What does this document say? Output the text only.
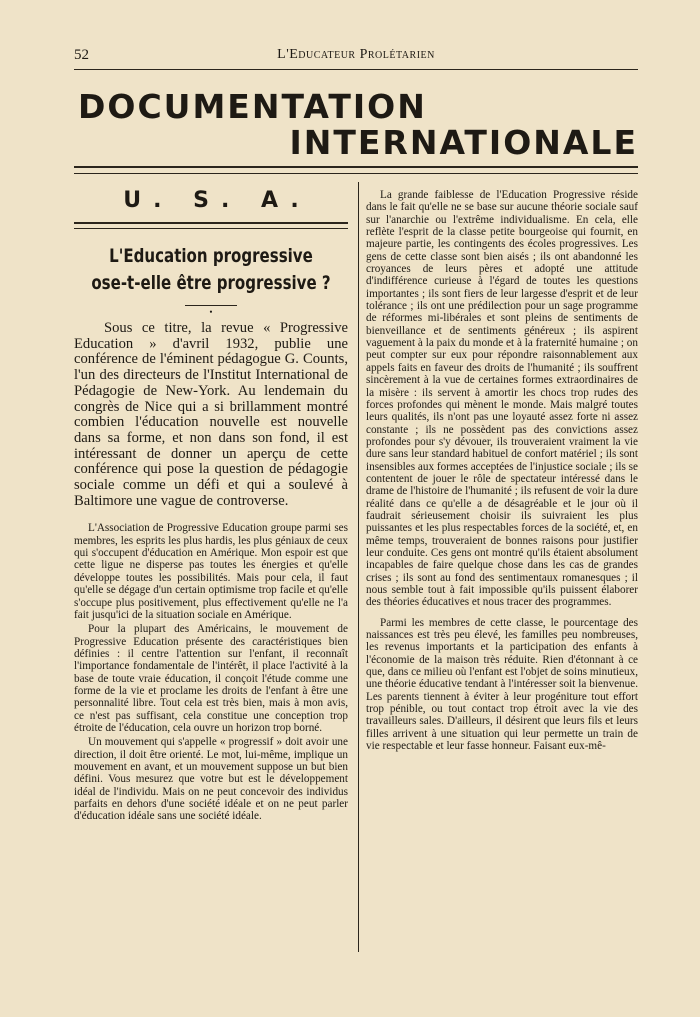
52	L'Educateur Prolétarien
DOCUMENTATION
INTERNATIONALE
U. S. A.
L'Education progressive ose-t-elle être progressive ?
•

Sous ce titre, la revue « Progressive Education » d'avril 1932, publie une conférence de l'éminent pédagogue G. Counts, l'un des directeurs de l'Institut International de Pédagogie de New-York. Au lendemain du congrès de Nice qui a si brillamment montré combien l'éducation nouvelle est nouvelle dans sa forme, et non dans son fond, il est intéressant de donner un aperçu de cette conférence qui pose la question de pédagogie sociale comme un défi et qui a soulevé à Baltimore une vague de controverse.

L'Association de Progressive Education groupe parmi ses membres, les esprits les plus hardis, les plus géniaux de ceux qui s'occupent d'éducation en Amérique. Mon espoir est que cette ligue ne disperse pas toutes les énergies et qu'elle développe toutes les possibilités. Mais pour cela, il faut qu'elle se dégage d'un certain optimisme trop facile et qu'elle s'occupe plus positivement, plus effectivement qu'elle ne l'a fait jusqu'ici de la situation sociale en Amérique.

Pour la plupart des Américains, le mouvement de Progressive Education présente des caractéristiques bien définies : il centre l'attention sur l'enfant, il reconnaît l'importance fondamentale de l'intérêt, il place l'activité à la base de toute vraie éducation, il conçoit l'étude comme une forme de la vie et proclame les droits de l'enfant à être une personnalité libre. Tout cela est très bien, mais à mon avis, ce n'est pas suffisant, cela constitue une conception trop étroite de l'éducation, cela ouvre un horizon trop borné.

Un mouvement qui s'appelle « progressif » doit avoir une direction, il doit être orienté. Le mot, lui-même, implique un mouvement en avant, et un mouvement suppose un but bien défini. Vous mesurez que votre but est le développement idéal de l'individu. Mais on ne peut concevoir des individus parfaits en dehors d'une société idéale et on ne peut parler d'éducation idéale sans une société idéale.

La grande faiblesse de l'Education Progressive réside dans le fait qu'elle ne se base sur aucune théorie sociale sauf sur l'anarchie ou l'extrême individualisme. En cela, elle reflète l'esprit de la classe petite bourgeoise qui fournit, en majeure partie, les contingents des écoles progressives. Les gens de cette classe sont bien aisés ; ils ont abandonné les croyances de leurs pères et adopté une attitude d'indifférence curieuse à l'égard de toutes les questions importantes ; ils sont fiers de leur largesse d'esprit et de leur tolérance ; ils ont une prédilection pour un sage programme de réformes mi-libérales et sont pleins de sentiments de bienveillance et de sentiments généreux ; ils aspirent vaguement à la paix du monde et à la fraternité humaine ; on peut compter sur eux pour répondre raisonnablement aux appels faits en faveur des droits de l'humanité ; ils souffrent sincèrement à la vue de certaines formes extraordinaires de la misère : ils servent à amortir les chocs trop rudes des forces profondes qui mènent le monde. Mais malgré toutes leurs qualités, ils n'ont pas une loyauté assez forte ni assez constante ; ils ne possèdent pas des convictions assez profondes pour s'y dévouer, ils trouveraient vraiment la vie dure sans leur standard habituel de confort matériel ; ils sont insensibles aux formes acceptées de l'injustice sociale ; ils se contentent de jouer le rôle de spectateur intéressé dans le drame de l'histoire de l'humanité ; ils refusent de voir la dure réalité dans ce qu'elle a de désagréable et le jour où il faudrait sérieusement choisir ils suivraient les plus puissantes et les plus respectables forces de la société, et, en même temps, trouveraient de bonnes raisons pour justifier leur conduite. Ces gens ont montré qu'ils étaient absolument incapables de faire quelque chose dans les cas de grandes crises ; ils sont au fond des sentimentaux romanesques ; il nous semble tout à fait impossible qu'ils puissent élaborer des théories éducatives et nous tracer des programmes.

Parmi les membres de cette classe, le pourcentage des naissances est très peu élevé, les familles peu nombreuses, les revenus importants et la participation des enfants à l'économie de la maison très réduite. Rien d'étonnant à ce que, dans ce milieu où l'enfant est l'objet de soins minutieux, une théorie éducative tendant à l'intéresser soit la bienvenue. Les parents tiennent à éviter à leur progéniture tout effort trop pénible, ou tout contact trop étroit avec la vie des travailleurs sales. D'ailleurs, il désirent que leurs fils et leurs filles arrivent à une situation qui leur permette un train de vie respectable et leur fasse honneur. Faisant eux-mê-
